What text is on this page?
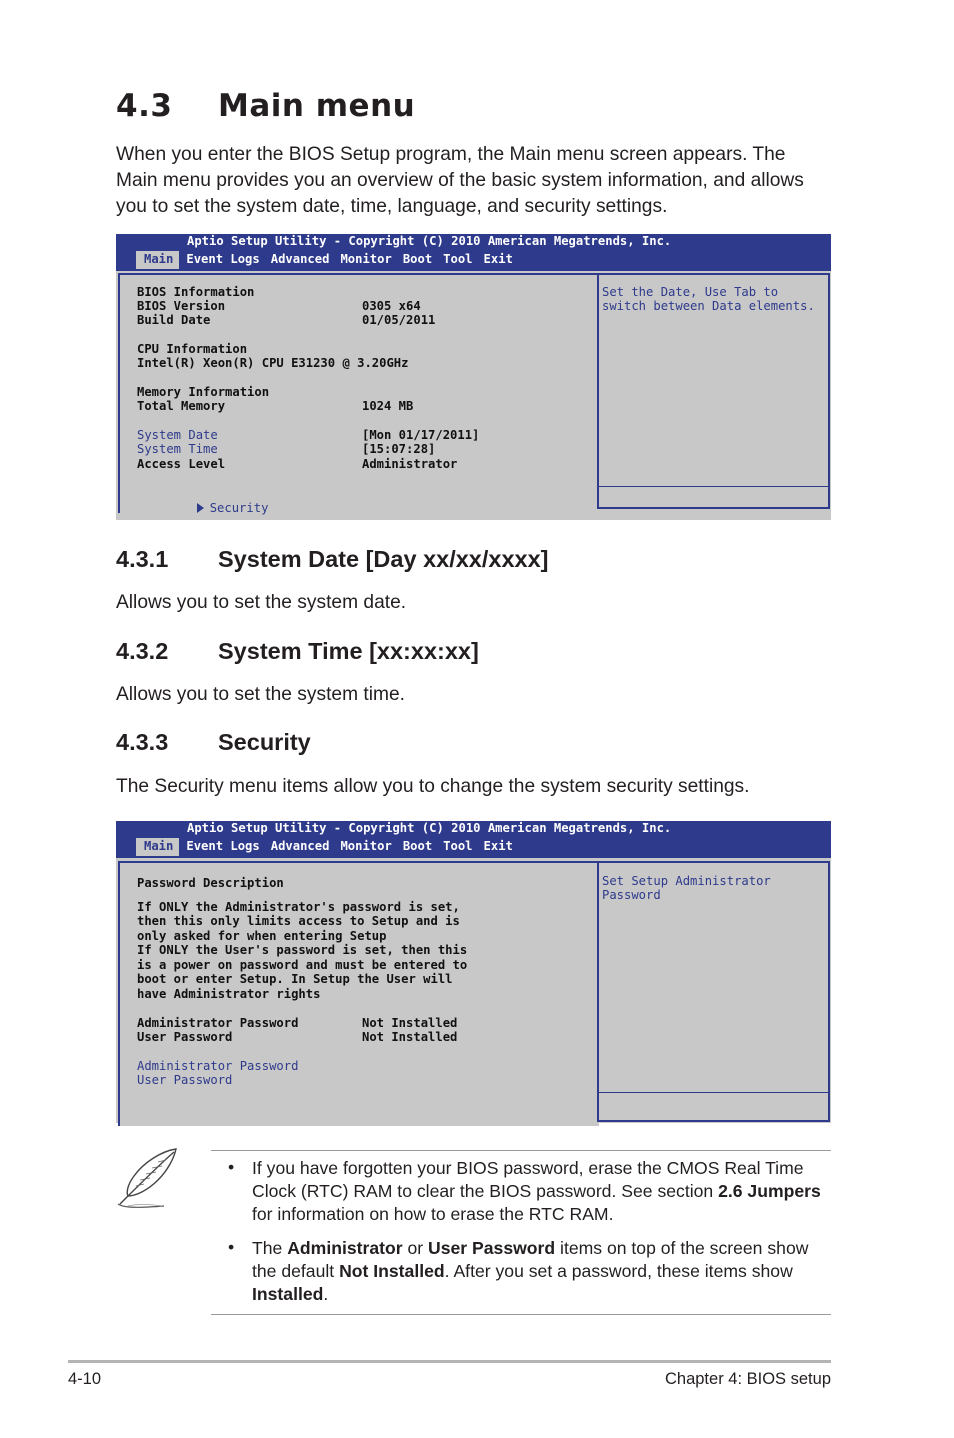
4.3 Main menu
When you enter the BIOS Setup program, the Main menu screen appears. The Main menu provides you an overview of the basic system information, and allows you to set the system date, time, language, and security settings.
Aptio Setup Utility - Copyright (C) 2010 American Megatrends, Inc.
Main Event Logs Advanced Monitor Boot Tool Exit
BIOS Information
BIOS Version	0305 x64
Build Date	01/05/2011
CPU Information
Intel(R) Xeon(R) CPU E31230 @ 3.20GHz
Memory Information
Total Memory	1024 MB
System Date	[Mon 01/17/2011]
System Time	[15:07:28]
Access Level	Administrator

Security

Set the Date, Use Tab to
switch between Data elements.
4.3.1 System Date [Day xx/xx/xxxx]
Allows you to set the system date.
4.3.2 System Time [xx:xx:xx]
Allows you to set the system time.
4.3.3 Security
The Security menu items allow you to change the system security settings.
Aptio Setup Utility - Copyright (C) 2010 American Megatrends, Inc.
Main Event Logs Advanced Monitor Boot Tool Exit
Password Description
If ONLY the Administrator's password is set,
then this only limits access to Setup and is
only asked for when entering Setup
If ONLY the User's password is set, then this
is a power on password and must be entered to
boot or enter Setup. In Setup the User will
have Administrator rights
Administrator Password	Not Installed
User Password	Not Installed
Administrator Password
User Password
Set Setup Administrator
Password
• If you have forgotten your BIOS password, erase the CMOS Real Time Clock (RTC) RAM to clear the BIOS password. See section 2.6 Jumpers for information on how to erase the RTC RAM.
• The Administrator or User Password items on top of the screen show the default Not Installed. After you set a password, these items show Installed.
4-10	Chapter 4: BIOS setup
